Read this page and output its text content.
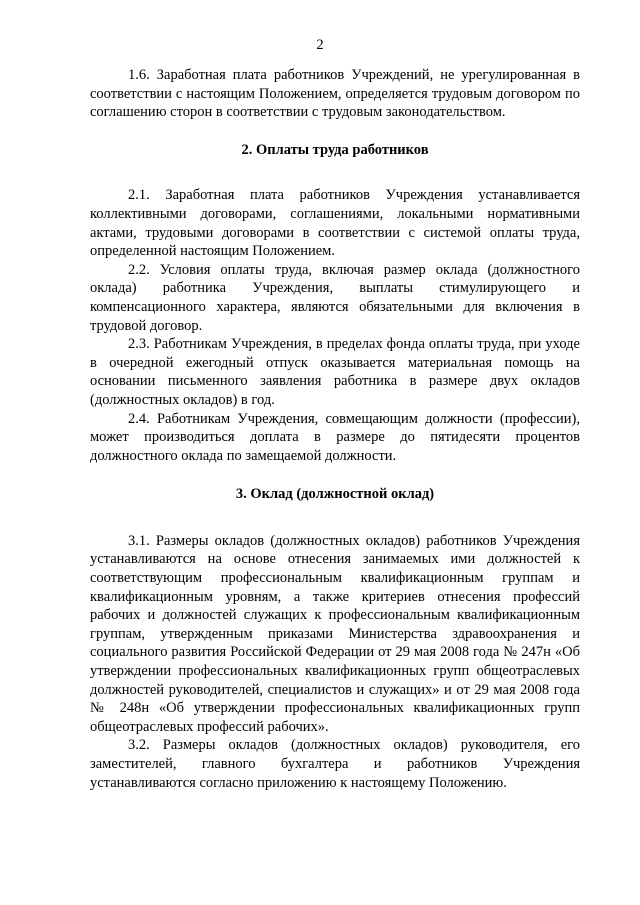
2

1.6. Заработная плата работников Учреждений, не урегулированная в соответствии с настоящим Положением, определяется трудовым договором по соглашению сторон в соответствии с трудовым законодательством.

2. Оплаты труда работников

2.1. Заработная плата работников Учреждения устанавливается коллективными договорами, соглашениями, локальными нормативными актами, трудовыми договорами в соответствии с системой оплаты труда, определенной настоящим Положением.

2.2. Условия оплаты труда, включая размер оклада (должностного оклада) работника Учреждения, выплаты стимулирующего и компенсационного характера, являются обязательными для включения в трудовой договор.

2.3. Работникам Учреждения, в пределах фонда оплаты труда, при уходе в очередной ежегодный отпуск оказывается материальная помощь на основании письменного заявления работника в размере двух окладов (должностных окладов) в год.

2.4. Работникам Учреждения, совмещающим должности (профессии), может производиться доплата в размере до пятидесяти процентов должностного оклада по замещаемой должности.

3. Оклад (должностной оклад)

3.1. Размеры окладов (должностных окладов) работников Учреждения устанавливаются на основе отнесения занимаемых ими должностей к соответствующим профессиональным квалификационным группам и квалификационным уровням, а также критериев отнесения профессий рабочих и должностей служащих к профессиональным квалификационным группам, утвержденным приказами Министерства здравоохранения и социального развития Российской Федерации от 29 мая 2008 года № 247н «Об утверждении профессиональных квалификационных групп общеотраслевых должностей руководителей, специалистов и служащих» и от 29 мая 2008 года № 248н «Об утверждении профессиональных квалификационных групп общеотраслевых профессий рабочих».

3.2. Размеры окладов (должностных окладов) руководителя, его заместителей, главного бухгалтера и работников Учреждения устанавливаются согласно приложению к настоящему Положению.
